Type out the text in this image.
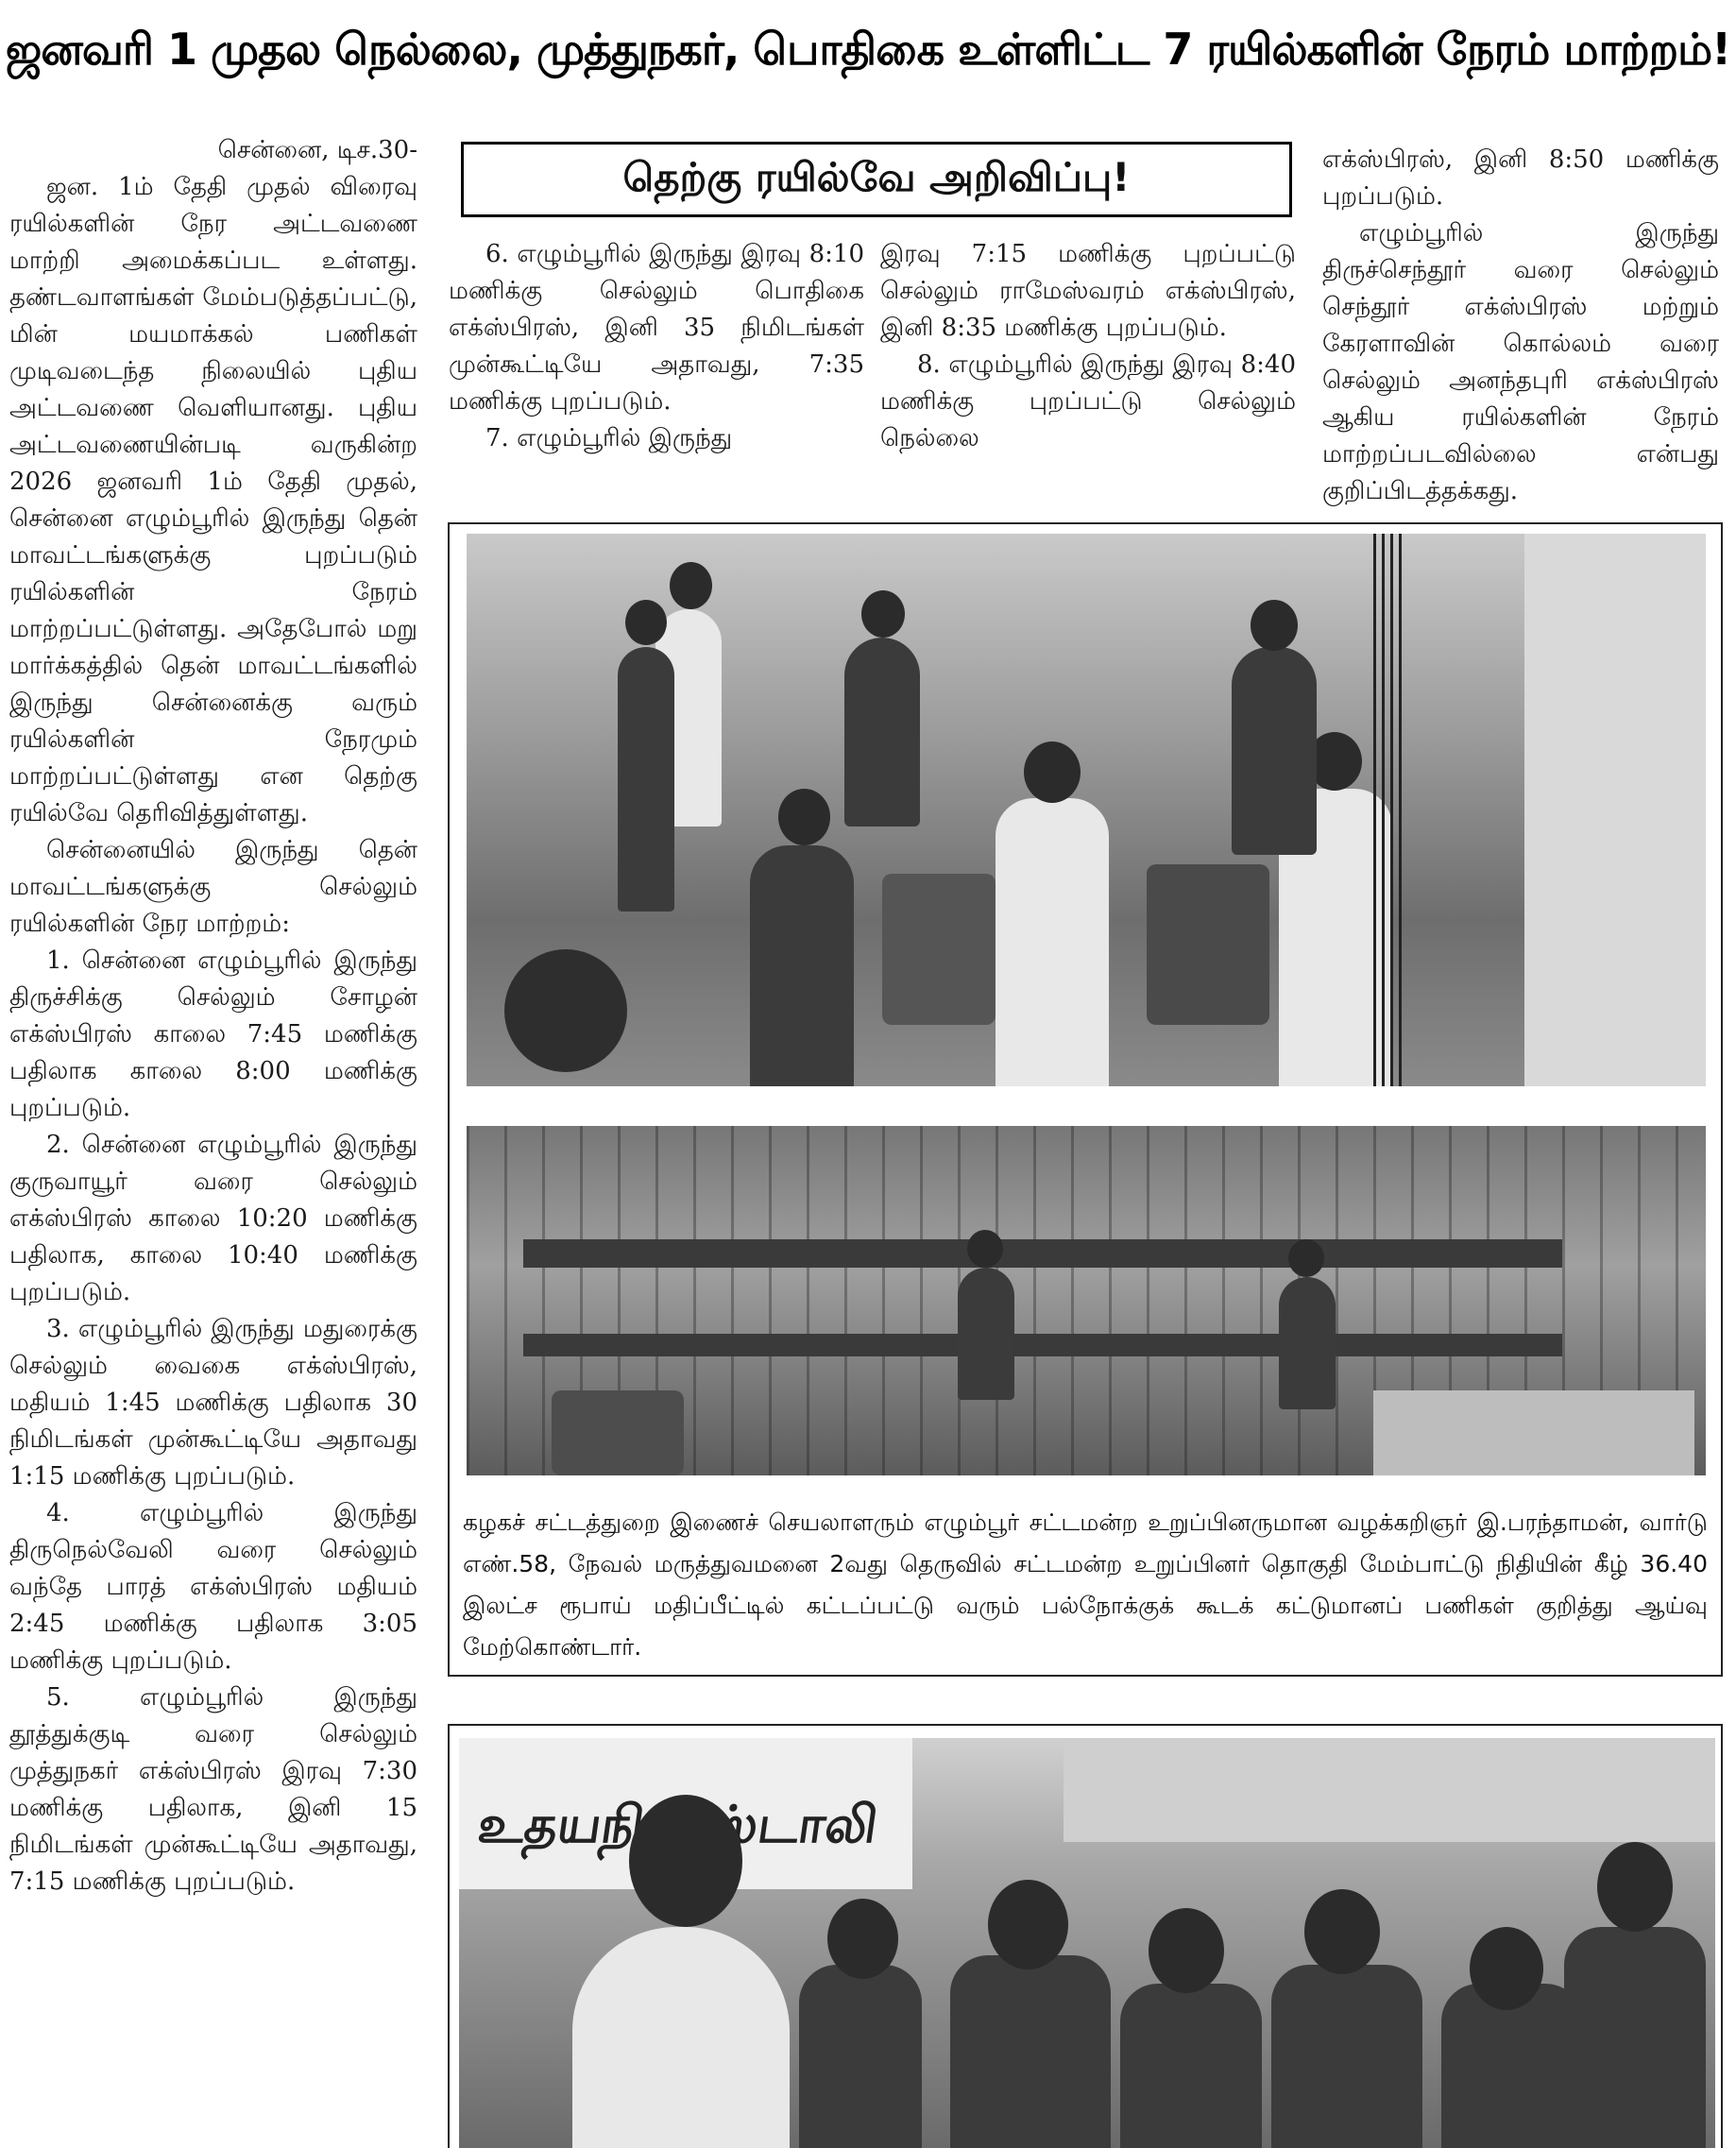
ஜனவரி 1 முதல நெல்லை, முத்துநகர், பொதிகை உள்ளிட்ட 7 ரயில்களின் நேரம் மாற்றம்!

சென்னை, டிச.30-

ஜன. 1ம் தேதி முதல் விரைவு ரயில்களின் நேர அட்டவணை மாற்றி அமைக்கப்பட உள்ளது. தண்டவாளங்கள் மேம்படுத்தப்பட்டு, மின் மயமாக்கல் பணிகள் முடிவடைந்த நிலையில் புதிய அட்டவணை வெளியானது. புதிய அட்டவணையின்படி வருகின்ற 2026 ஜனவரி 1ம் தேதி முதல், சென்னை எழும்பூரில் இருந்து தென் மாவட்டங்களுக்கு புறப்படும் ரயில்களின் நேரம் மாற்றப்பட்டுள்ளது. அதேபோல் மறு மார்க்கத்தில் தென் மாவட்டங்களில் இருந்து சென்னைக்கு வரும் ரயில்களின் நேரமும் மாற்றப்பட்டுள்ளது என தெற்கு ரயில்வே தெரிவித்துள்ளது.

சென்னையில் இருந்து தென் மாவட்டங்களுக்கு செல்லும் ரயில்களின் நேர மாற்றம்:

1. சென்னை எழும்பூரில் இருந்து திருச்சிக்கு செல்லும் சோழன் எக்ஸ்பிரஸ் காலை 7:45 மணிக்கு பதிலாக காலை 8:00 மணிக்கு புறப்படும்.

2. சென்னை எழும்பூரில் இருந்து குருவாயூர் வரை செல்லும் எக்ஸ்பிரஸ் காலை 10:20 மணிக்கு பதிலாக, காலை 10:40 மணிக்கு புறப்படும்.

3. எழும்பூரில் இருந்து மதுரைக்கு செல்லும் வைகை எக்ஸ்பிரஸ், மதியம் 1:45 மணிக்கு பதிலாக 30 நிமிடங்கள் முன்கூட்டியே அதாவது 1:15 மணிக்கு புறப்படும்.

4. எழும்பூரில் இருந்து திருநெல்வேலி வரை செல்லும் வந்தே பாரத் எக்ஸ்பிரஸ் மதியம் 2:45 மணிக்கு பதிலாக 3:05 மணிக்கு புறப்படும்.

5. எழும்பூரில் இருந்து தூத்துக்குடி வரை செல்லும் முத்துநகர் எக்ஸ்பிரஸ் இரவு 7:30 மணிக்கு பதிலாக, இனி 15 நிமிடங்கள் முன்கூட்டியே அதாவது, 7:15 மணிக்கு புறப்படும்.

தெற்கு ரயில்வே அறிவிப்பு!

6. எழும்பூரில் இருந்து இரவு 8:10 மணிக்கு செல்லும் பொதிகை எக்ஸ்பிரஸ், இனி 35 நிமிடங்கள் முன்கூட்டியே அதாவது, 7:35 மணிக்கு புறப்படும்.

7. எழும்பூரில் இருந்து

இரவு 7:15 மணிக்கு புறப்பட்டு செல்லும் ராமேஸ்வரம் எக்ஸ்பிரஸ், இனி 8:35 மணிக்கு புறப்படும்.

8. எழும்பூரில் இருந்து இரவு 8:40 மணிக்கு புறப்பட்டு செல்லும் நெல்லை

எக்ஸ்பிரஸ், இனி 8:50 மணிக்கு புறப்படும்.

எழும்பூரில் இருந்து திருச்செந்தூர் வரை செல்லும் செந்தூர் எக்ஸ்பிரஸ் மற்றும் கேரளாவின் கொல்லம் வரை செல்லும் அனந்தபுரி எக்ஸ்பிரஸ் ஆகிய ரயில்களின் நேரம் மாற்றப்படவில்லை என்பது குறிப்பிடத்தக்கது.

கழகச் சட்டத்துறை இணைச் செயலாளரும் எழும்பூர் சட்டமன்ற உறுப்பினருமான வழக்கறிஞர் இ.பரந்தாமன், வார்டு எண்.58, நேவல் மருத்துவமனை 2வது தெருவில் சட்டமன்ற உறுப்பினர் தொகுதி மேம்பாட்டு நிதியின் கீழ் 36.40 இலட்ச ரூபாய் மதிப்பீட்டில் கட்டப்பட்டு வரும் பல்நோக்குக் கூடக் கட்டுமானப் பணிகள் குறித்து ஆய்வு மேற்கொண்டார்.
உதயநிதி ஸ்டாலி
